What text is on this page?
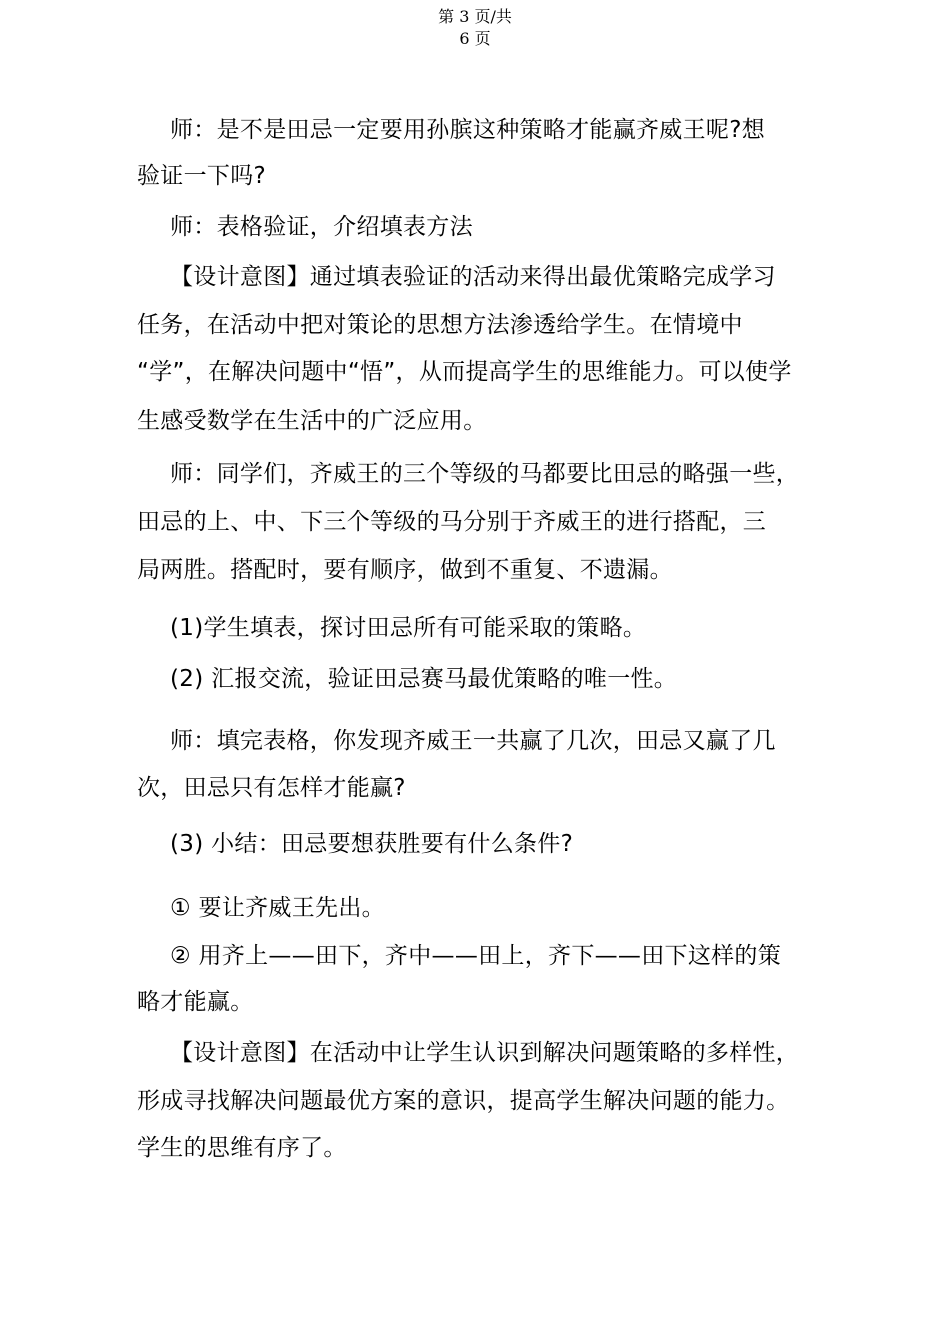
第 3 页/共
6 页
师：是不是田忌一定要用孙膑这种策略才能赢齐威王呢?想
验证一下吗?
师：表格验证，介绍填表方法
【设计意图】通过填表验证的活动来得出最优策略完成学习
任务，在活动中把对策论的思想方法渗透给学生。在情境中
“学”，在解决问题中“悟”，从而提高学生的思维能力。可以使学
生感受数学在生活中的广泛应用。
师：同学们，齐威王的三个等级的马都要比田忌的略强一些，
田忌的上、中、下三个等级的马分别于齐威王的进行搭配，三
局两胜。搭配时，要有顺序，做到不重复、不遗漏。
(1)学生填表，探讨田忌所有可能采取的策略。
(2) 汇报交流，验证田忌赛马最优策略的唯一性。
师：填完表格，你发现齐威王一共赢了几次，田忌又赢了几
次，田忌只有怎样才能赢?
(3) 小结：田忌要想获胜要有什么条件?
① 要让齐威王先出。
② 用齐上——田下，齐中——田上，齐下——田下这样的策
略才能赢。
【设计意图】在活动中让学生认识到解决问题策略的多样性，
形成寻找解决问题最优方案的意识，提高学生解决问题的能力。
学生的思维有序了。
